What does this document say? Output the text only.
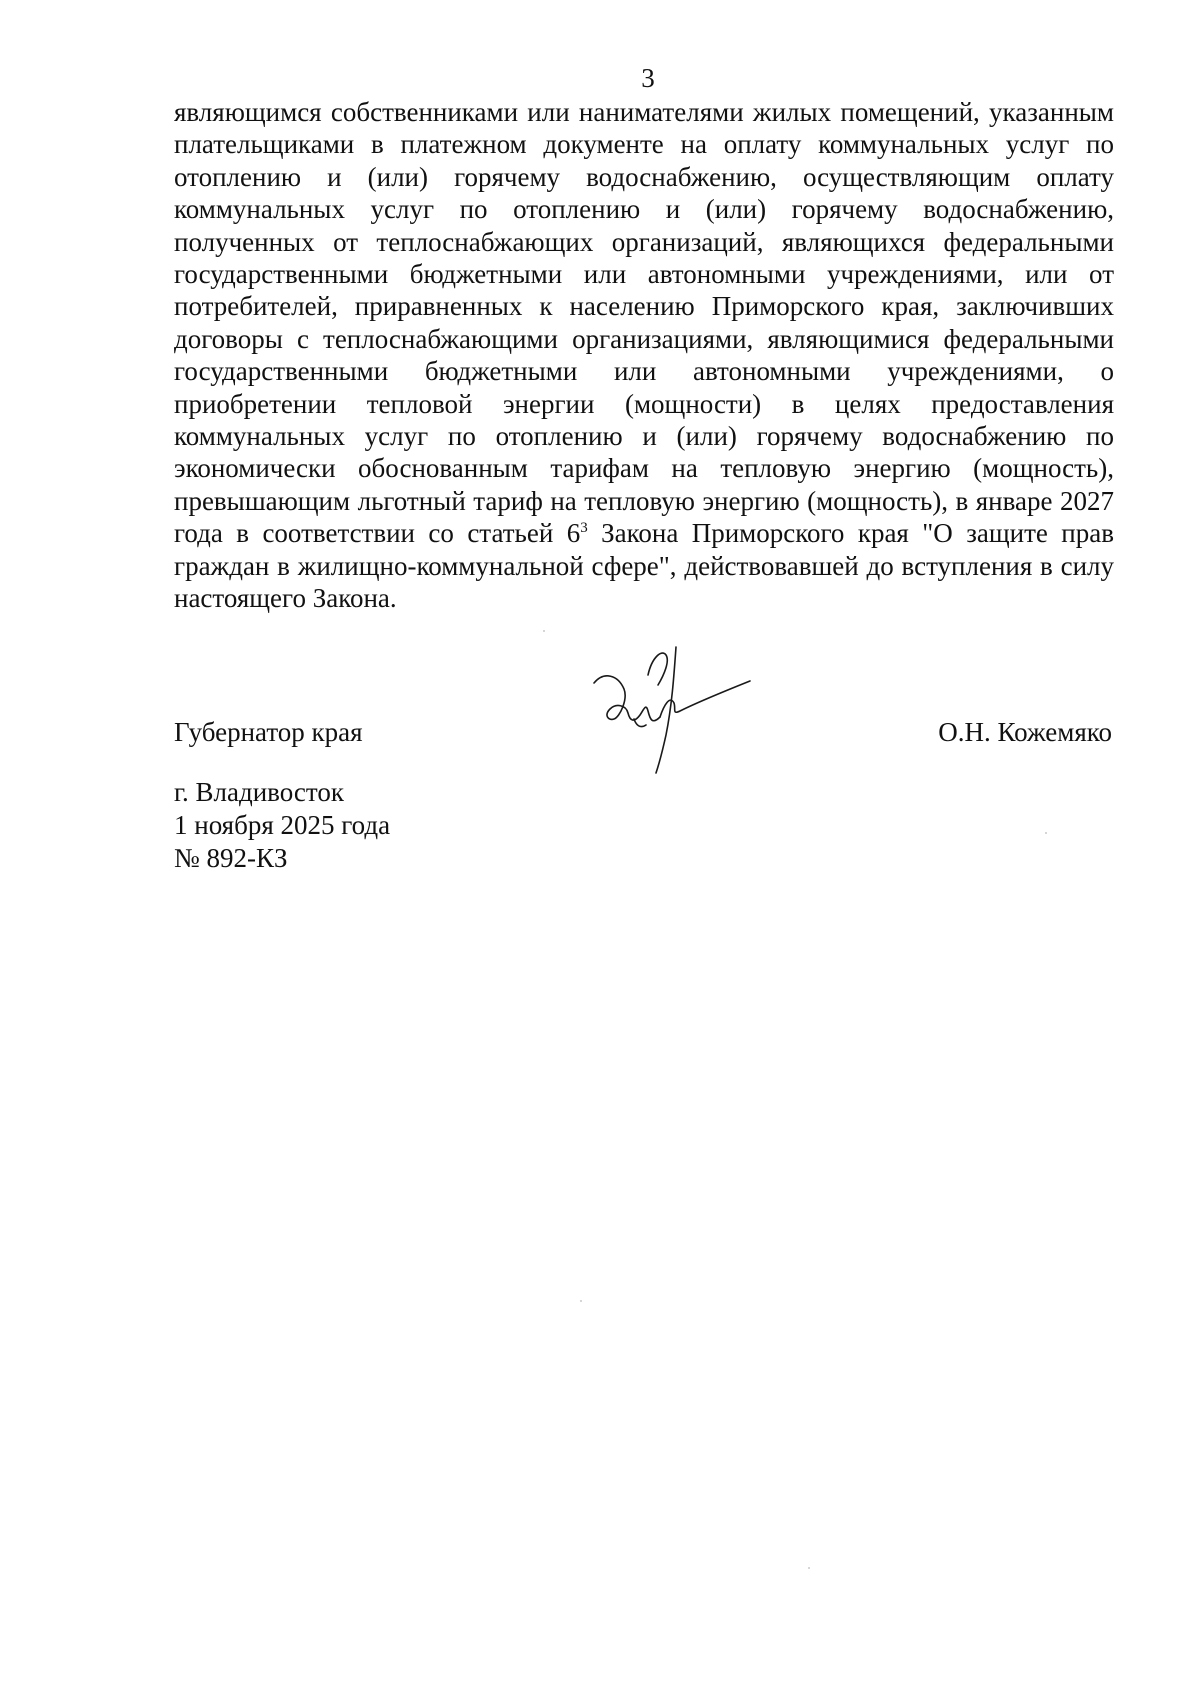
3

являющимся собственниками или нанимателями жилых помещений, указанным плательщиками в платежном документе на оплату коммунальных услуг по отоплению и (или) горячему водоснабжению, осуществляющим оплату коммунальных услуг по отоплению и (или) горячему водоснабжению, полученных от теплоснабжающих организаций, являющихся федеральными государственными бюджетными или автономными учреждениями, или от потребителей, приравненных к населению Приморского края, заключивших договоры с теплоснабжающими организациями, являющимися федеральными государственными бюджетными или автономными учреждениями, о приобретении тепловой энергии (мощности) в целях предоставления коммунальных услуг по отоплению и (или) горячему водоснабжению по экономически обоснованным тарифам на тепловую энергию (мощность), превышающим льготный тариф на тепловую энергию (мощность), в январе 2027 года в соответствии со статьей $6^3$ Закона Приморского края "О защите прав граждан в жилищно-коммунальной сфере", действовавшей до вступления в силу настоящего Закона.

Губернатор края	О.Н. Кожемяко
г. Владивосток
1 ноября 2025 года
№ 892-КЗ
